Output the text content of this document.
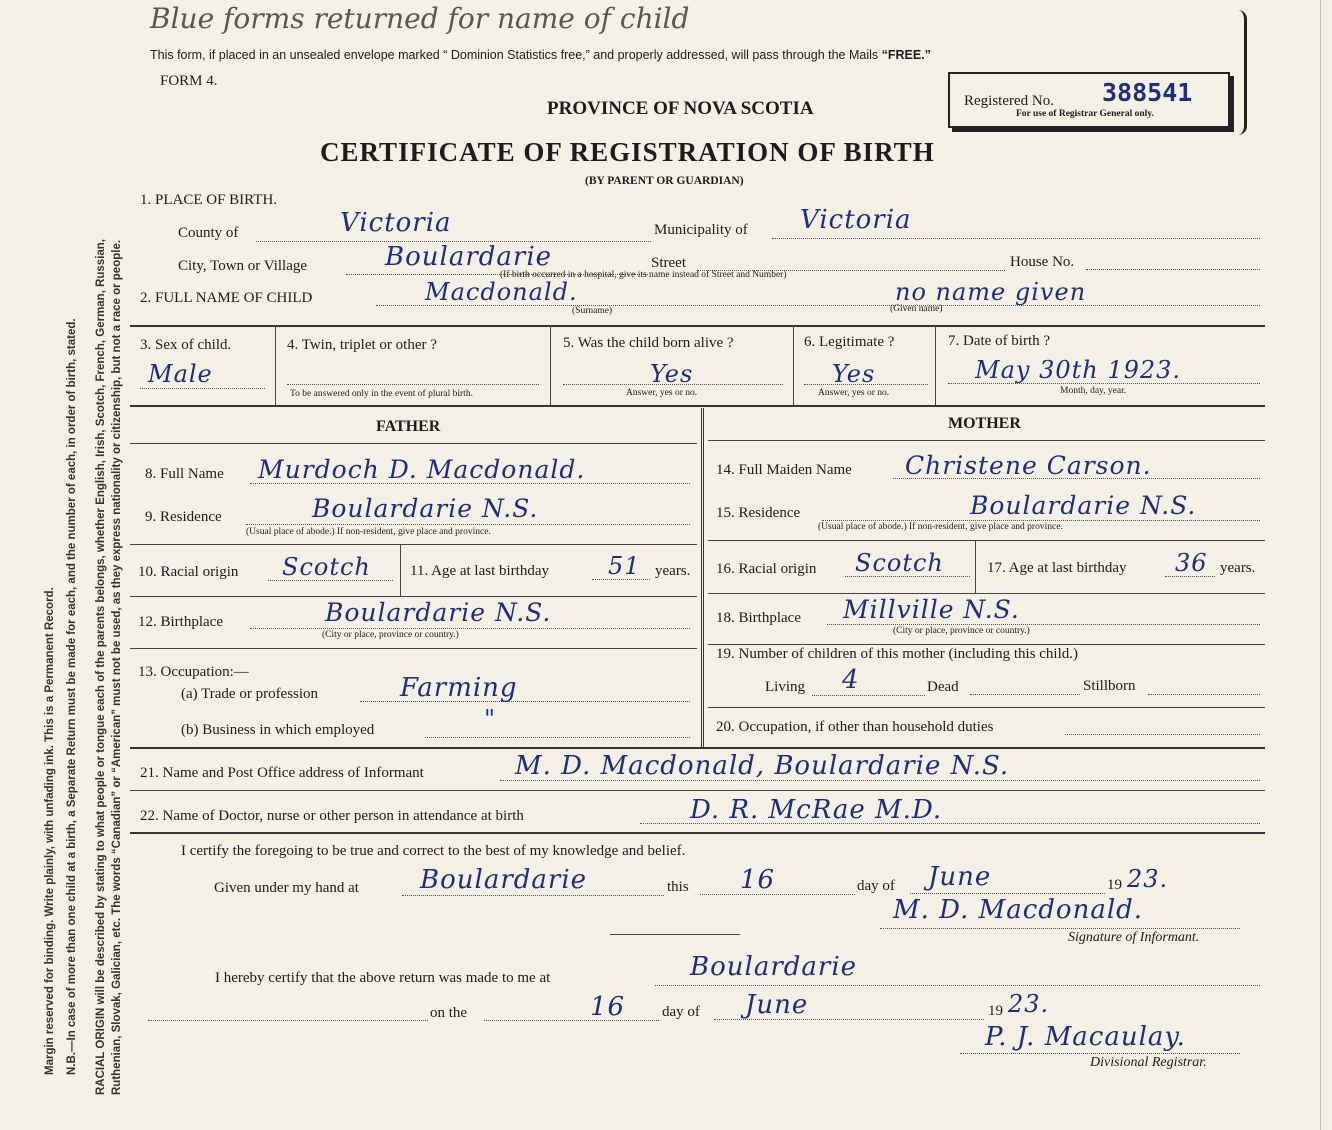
Blue forms returned for name of child
Margin reserved for binding. Write plainly, with unfading ink. This is a Permanent Record. N.B.—In case of more than one child at a birth, a Separate Return must be made for each, and the number of each, in order of birth, stated. RACIAL ORIGIN will be described by stating to what people or tongue each of the parents belongs, whether English, Irish, Scotch, French, German, Russian, Ruthenian, Slovak, Galician, etc. The words “Canadian” or “American” must not be used, as they express nationality or citizenship, but not a race or people.
This form, if placed in an unsealed envelope marked “ Dominion Statistics free,” and properly addressed, will pass through the Mails “FREE.”
FORM 4.
PROVINCE OF NOVA SCOTIA
CERTIFICATE OF REGISTRATION OF BIRTH
(BY PARENT OR GUARDIAN)
Registered No. 388541
For use of Registrar General only.
1. PLACE OF BIRTH.
County of	Victoria	Municipality of Victoria
City, Town or Village	Boulardarie	Street	House No.
(If birth occurred in a hospital, give its name instead of Street and Number)
2. FULL NAME OF CHILD	Macdonald.
(Surname)
no name given
(Given name)
3. Sex of child.
Male
4. Twin, triplet or other ?
To be answered only in the event of plural birth.
5. Was the child born alive ?
Yes
Answer, yes or no.
6. Legitimate ?
Yes
Answer, yes or no.
7. Date of birth ?
May 30th 1923.
Month, day, year.
FATHER	MOTHER
8. Full Name Murdoch D. Macdonald.
9. Residence	Boulardarie N.S.
(Usual place of abode.) If non-resident, give place and province.
10. Racial origin Scotch	11. Age at last birthday 51 years.
12. Birthplace	Boulardarie N.S.
(City or place, province or country.)
13. Occupation:—
(a) Trade or profession	Farming
(b) Business in which employed	"
14. Full Maiden Name Christene Carson.
15. Residence	Boulardarie N.S.
(Usual place of abode.) If non-resident, give place and province.
16. Racial origin Scotch	17. Age at last birthday 36 years.
18. Birthplace Millville N.S.
(City or place, province or country.)
19. Number of children of this mother (including this child.)
Living 4	Dead	Stillborn
20. Occupation, if other than household duties
21. Name and Post Office address of Informant	M. D. Macdonald, Boulardarie N.S.
22. Name of Doctor, nurse or other person in attendance at birth	D. R. McRae M.D.
I certify the foregoing to be true and correct to the best of my knowledge and belief.
Given under my hand at Boulardarie	this 16	day of June	19 23.
M. D. Macdonald.
Signature of Informant.
I hereby certify that the above return was made to me at	Boulardarie
on the	16 day of June	19 23.
P. J. Macaulay.
Divisional Registrar.
